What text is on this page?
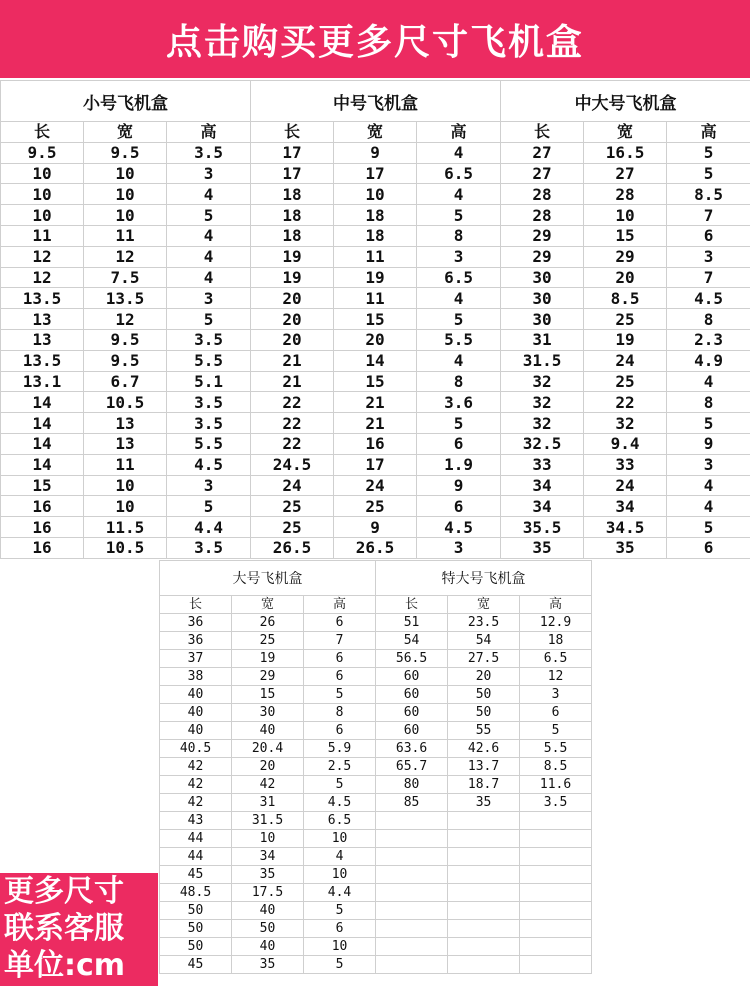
点击购买更多尺寸飞机盒
小号飞机盒			中号飞机盒			中大号飞机盒		
长	宽	高	长	宽	高	长	宽	高
9.5	9.5	3.5	17	9	4	27	16.5	5
10	10	3	17	17	6.5	27	27	5
10	10	4	18	10	4	28	28	8.5
10	10	5	18	18	5	28	10	7
11	11	4	18	18	8	29	15	6
12	12	4	19	11	3	29	29	3
12	7.5	4	19	19	6.5	30	20	7
13.5	13.5	3	20	11	4	30	8.5	4.5
13	12	5	20	15	5	30	25	8
13	9.5	3.5	20	20	5.5	31	19	2.3
13.5	9.5	5.5	21	14	4	31.5	24	4.9
13.1	6.7	5.1	21	15	8	32	25	4
14	10.5	3.5	22	21	3.6	32	22	8
14	13	3.5	22	21	5	32	32	5
14	13	5.5	22	16	6	32.5	9.4	9
14	11	4.5	24.5	17	1.9	33	33	3
15	10	3	24	24	9	34	24	4
16	10	5	25	25	6	34	34	4
16	11.5	4.4	25	9	4.5	35.5	34.5	5
16	10.5	3.5	26.5	26.5	3	35	35	6
大号飞机盒			特大号飞机盒		
长	宽	高	长	宽	高
36	26	6	51	23.5	12.9
36	25	7	54	54	18
37	19	6	56.5	27.5	6.5
38	29	6	60	20	12
40	15	5	60	50	3
40	30	8	60	50	6
40	40	6	60	55	5
40.5	20.4	5.9	63.6	42.6	5.5
42	20	2.5	65.7	13.7	8.5
42	42	5	80	18.7	11.6
42	31	4.5	85	35	3.5
43	31.5	6.5			
44	10	10			
44	34	4			
45	35	10			
48.5	17.5	4.4			
50	40	5			
50	50	6			
50	40	10			
45	35	5			
更多尺寸
联系客服
单位:cm
